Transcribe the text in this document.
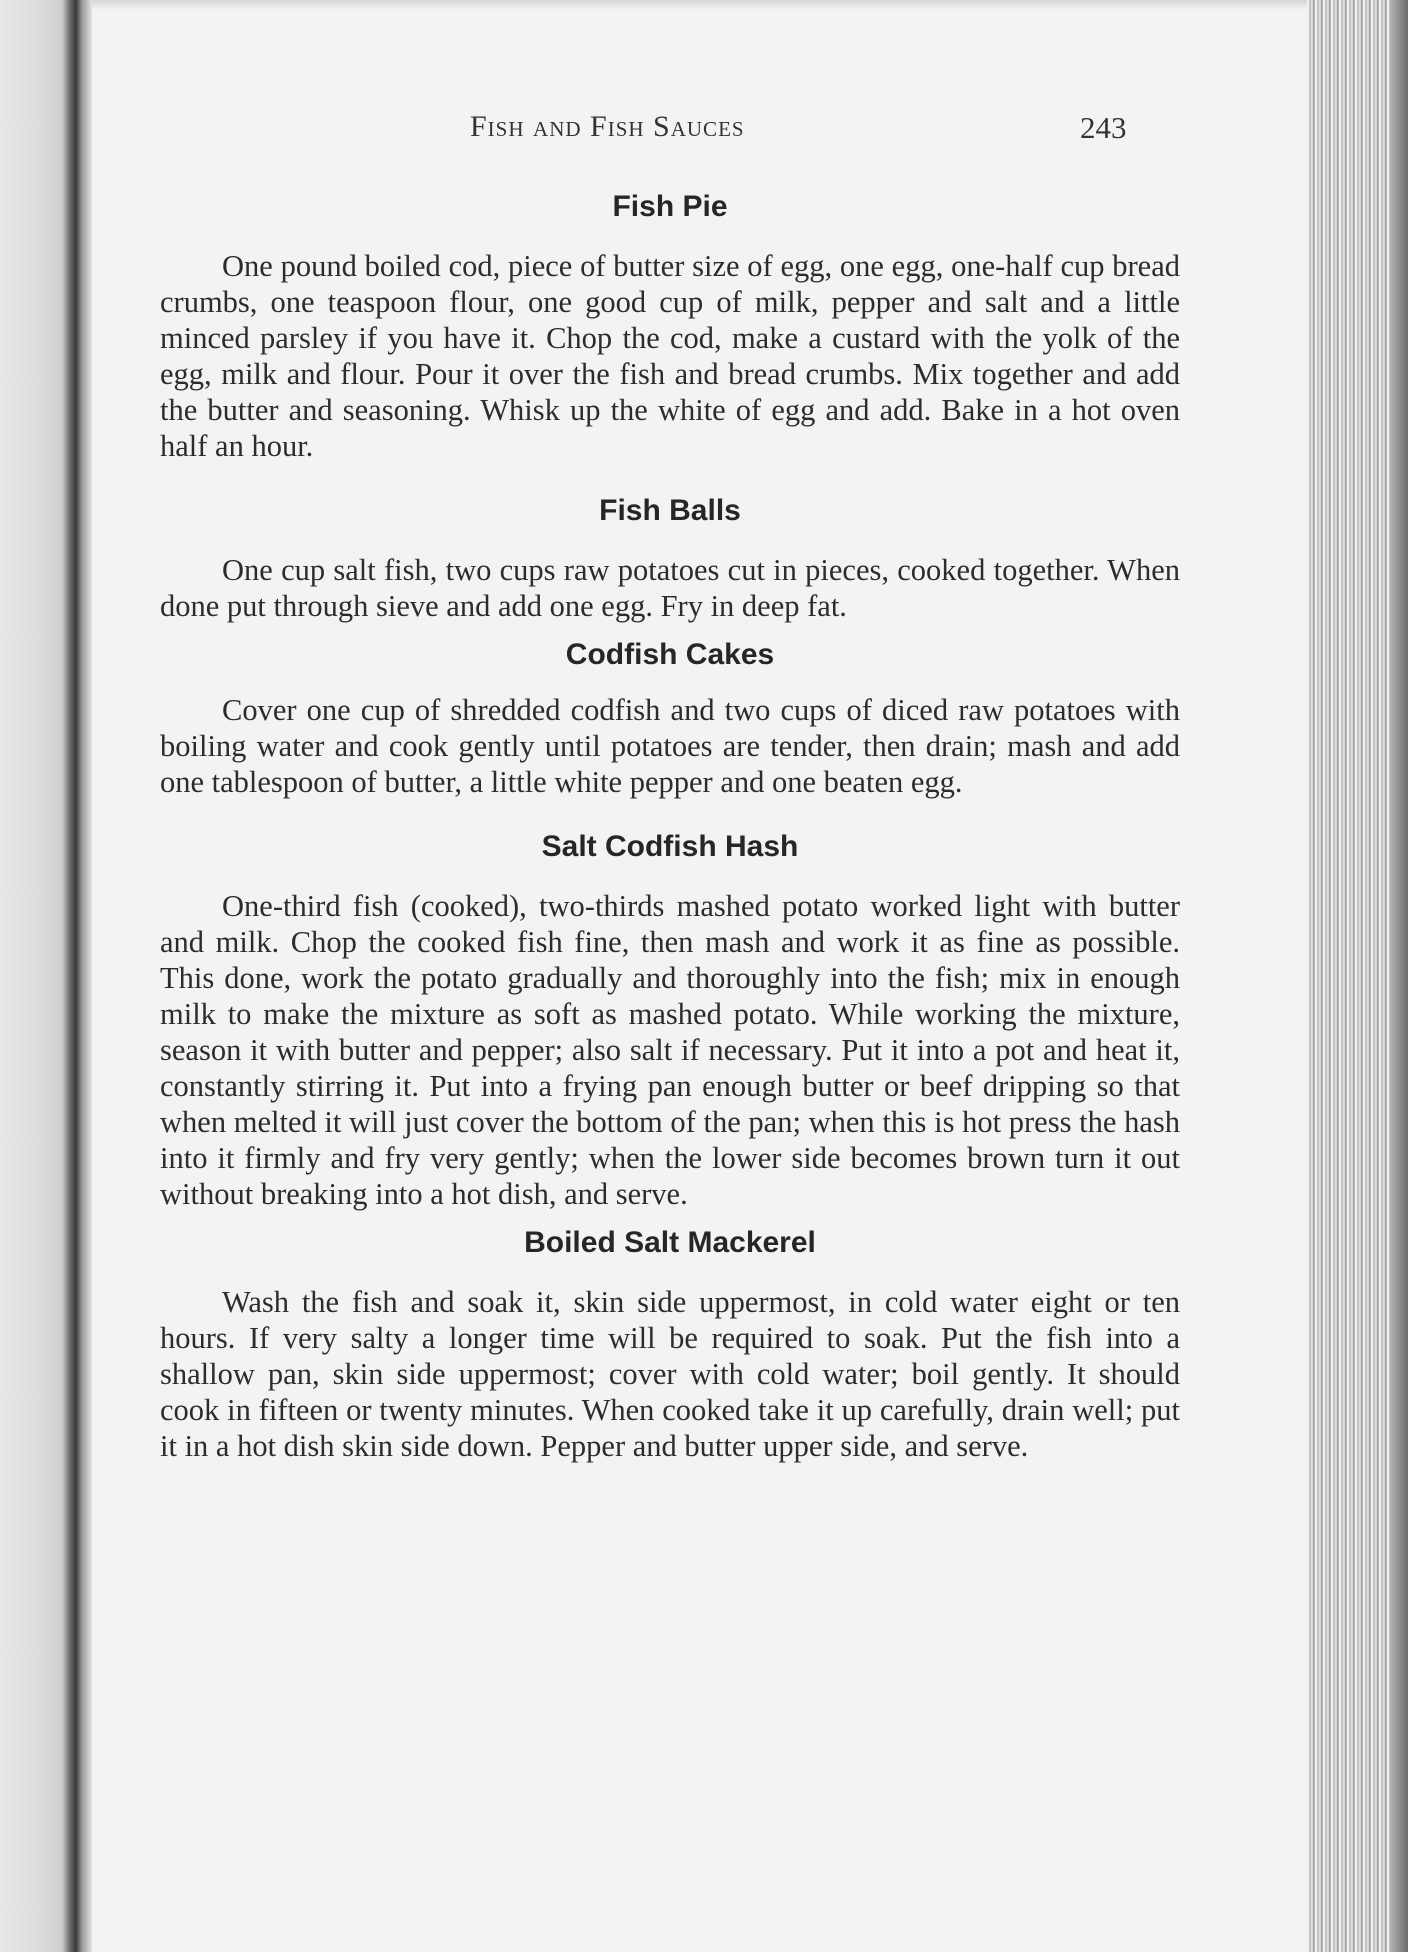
Fish and Fish Sauces	243
Fish Pie

One pound boiled cod, piece of butter size of egg, one egg, one-half cup bread crumbs, one teaspoon flour, one good cup of milk, pepper and salt and a little minced parsley if you have it. Chop the cod, make a custard with the yolk of the egg, milk and flour. Pour it over the fish and bread crumbs. Mix together and add the butter and seasoning. Whisk up the white of egg and add. Bake in a hot oven half an hour.

Fish Balls

One cup salt fish, two cups raw potatoes cut in pieces, cooked together. When done put through sieve and add one egg. Fry in deep fat.

Codfish Cakes

Cover one cup of shredded codfish and two cups of diced raw potatoes with boiling water and cook gently until potatoes are tender, then drain; mash and add one tablespoon of butter, a little white pepper and one beaten egg.

Salt Codfish Hash

One-third fish (cooked), two-thirds mashed potato worked light with butter and milk. Chop the cooked fish fine, then mash and work it as fine as possible. This done, work the potato gradually and thoroughly into the fish; mix in enough milk to make the mixture as soft as mashed potato. While working the mixture, season it with butter and pepper; also salt if necessary. Put it into a pot and heat it, constantly stirring it. Put into a frying pan enough butter or beef dripping so that when melted it will just cover the bottom of the pan; when this is hot press the hash into it firmly and fry very gently; when the lower side becomes brown turn it out without breaking into a hot dish, and serve.

Boiled Salt Mackerel

Wash the fish and soak it, skin side uppermost, in cold water eight or ten hours. If very salty a longer time will be required to soak. Put the fish into a shallow pan, skin side uppermost; cover with cold water; boil gently. It should cook in fifteen or twenty minutes. When cooked take it up carefully, drain well; put it in a hot dish skin side down. Pepper and butter upper side, and serve.
